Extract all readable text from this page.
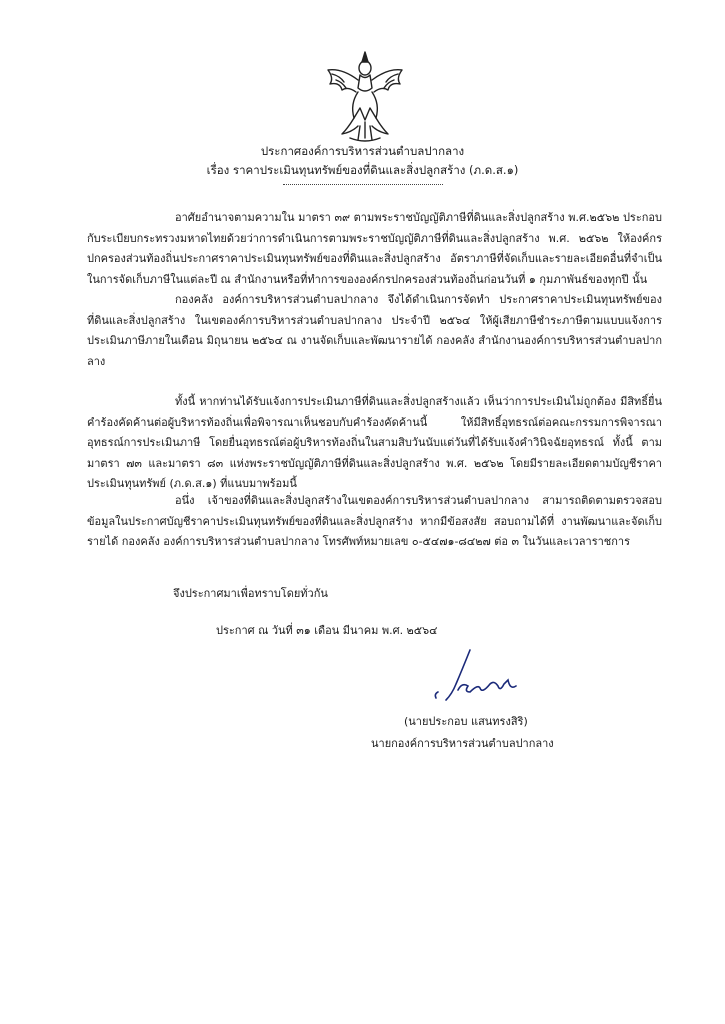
ประกาศองค์การบริหารส่วนตำบลปากลาง
เรื่อง ราคาประเมินทุนทรัพย์ของที่ดินและสิ่งปลูกสร้าง (ภ.ด.ส.๑)

อาศัยอำนาจตามความใน มาตรา ๓๙ ตามพระราชบัญญัติภาษีที่ดินและสิ่งปลูกสร้าง พ.ศ.๒๕๖๒ ประกอบกับระเบียบกระทรวงมหาดไทยด้วยว่าการดำเนินการตามพระราชบัญญัติภาษีที่ดินและสิ่งปลูกสร้าง พ.ศ. ๒๕๖๒ ให้องค์กรปกครองส่วนท้องถิ่นประกาศราคาประเมินทุนทรัพย์ของที่ดินและสิ่งปลูกสร้าง อัตราภาษีที่จัดเก็บและรายละเอียดอื่นที่จำเป็นในการจัดเก็บภาษีในแต่ละปี ณ สำนักงานหรือที่ทำการขององค์กรปกครองส่วนท้องถิ่นก่อนวันที่ ๑ กุมภาพันธ์ของทุกปี นั้น

กองคลัง องค์การบริหารส่วนตำบลปากลาง จึงได้ดำเนินการจัดทำ ประกาศราคาประเมินทุนทรัพย์ของที่ดินและสิ่งปลูกสร้าง ในเขตองค์การบริหารส่วนตำบลปากลาง ประจำปี ๒๕๖๔ ให้ผู้เสียภาษีชำระภาษีตามแบบแจ้งการประเมินภาษีภายในเดือน มิถุนายน ๒๕๖๔ ณ งานจัดเก็บและพัฒนารายได้ กองคลัง สำนักงานองค์การบริหารส่วนตำบลปากลาง

ทั้งนี้ หากท่านได้รับแจ้งการประเมินภาษีที่ดินและสิ่งปลูกสร้างแล้ว เห็นว่าการประเมินไม่ถูกต้อง มีสิทธิ์ยื่นคำร้องคัดค้านต่อผู้บริหารท้องถิ่นเพื่อพิจารณาเห็นชอบกับคำร้องคัดค้านนี้ ให้มีสิทธิ์อุทธรณ์ต่อคณะกรรมการพิจารณาอุทธรณ์การประเมินภาษี โดยยื่นอุทธรณ์ต่อผู้บริหารท้องถิ่นในสามสิบวันนับแต่วันที่ได้รับแจ้งคำวินิจฉัยอุทธรณ์ ทั้งนี้ ตามมาตรา ๗๓ และมาตรา ๘๓ แห่งพระราชบัญญัติภาษีที่ดินและสิ่งปลูกสร้าง พ.ศ. ๒๕๖๒ โดยมีรายละเอียดตามบัญชีราคาประเมินทุนทรัพย์ (ภ.ด.ส.๑) ที่แนบมาพร้อมนี้

อนึ่ง เจ้าของที่ดินและสิ่งปลูกสร้างในเขตองค์การบริหารส่วนตำบลปากลาง สามารถติดตามตรวจสอบข้อมูลในประกาศบัญชีราคาประเมินทุนทรัพย์ของที่ดินและสิ่งปลูกสร้าง หากมีข้อสงสัย สอบถามได้ที่ งานพัฒนาและจัดเก็บรายได้ กองคลัง องค์การบริหารส่วนตำบลปากลาง โทรศัพท์หมายเลข ๐-๕๔๗๑-๘๔๒๗ ต่อ ๓ ในวันและเวลาราชการ

จึงประกาศมาเพื่อทราบโดยทั่วกัน
ประกาศ ณ วันที่ ๓๑ เดือน มีนาคม พ.ศ. ๒๕๖๔
(นายประกอบ แสนทรงสิริ)
นายกองค์การบริหารส่วนตำบลปากลาง
